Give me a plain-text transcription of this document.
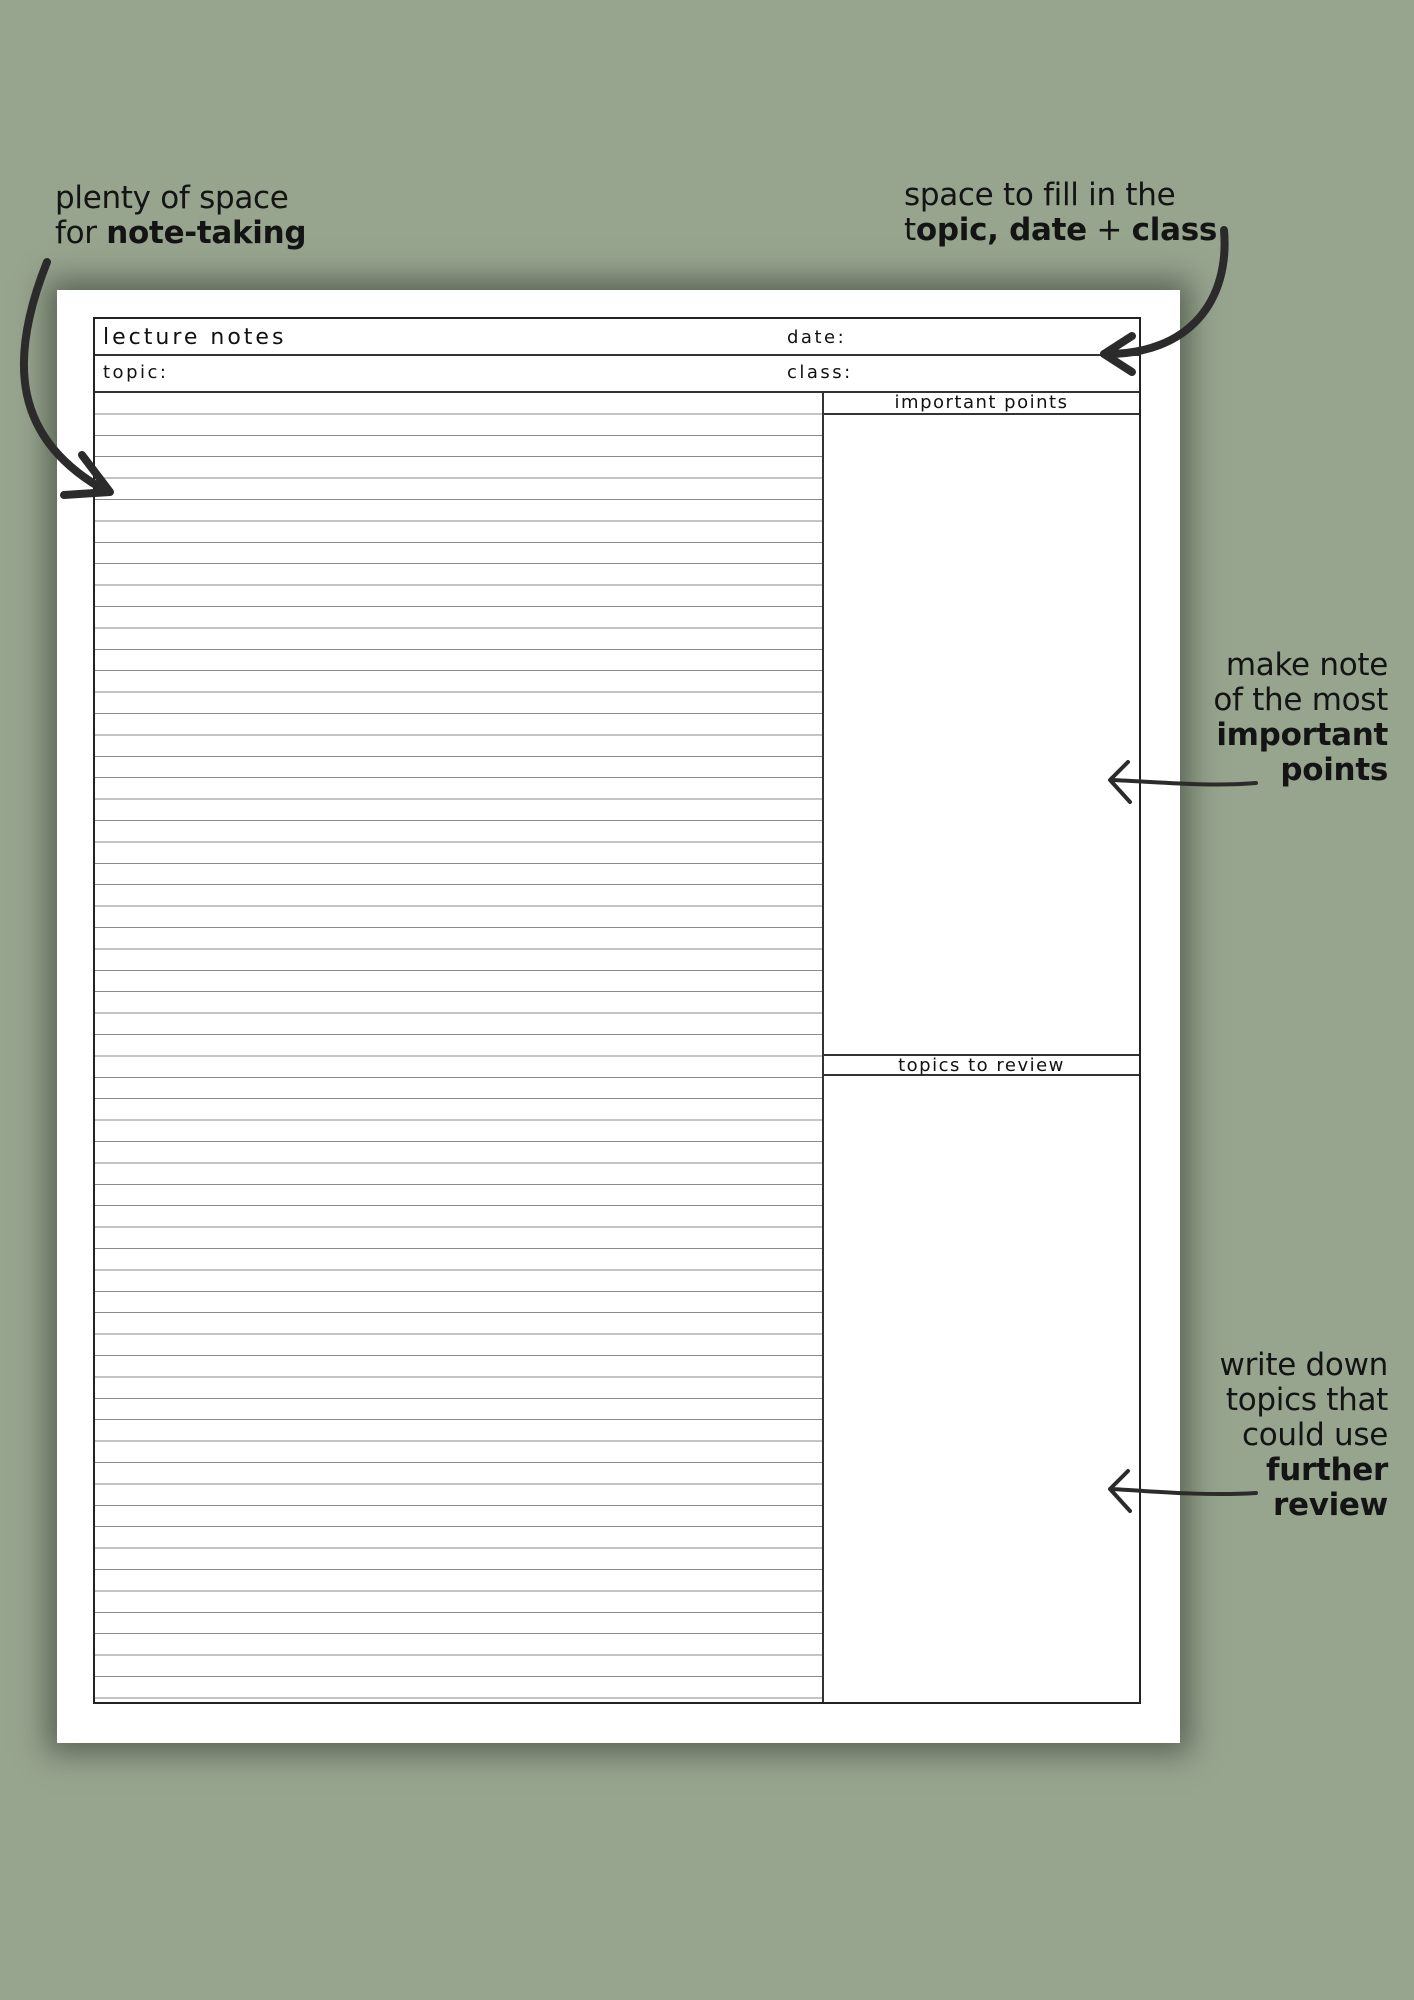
plenty of space
for note-taking
space to fill in the
topic, date + class
make note
of the most
important
points
write down
topics that
could use
further
review
lecture notes	date:
topic:	class:
important points
topics to review
